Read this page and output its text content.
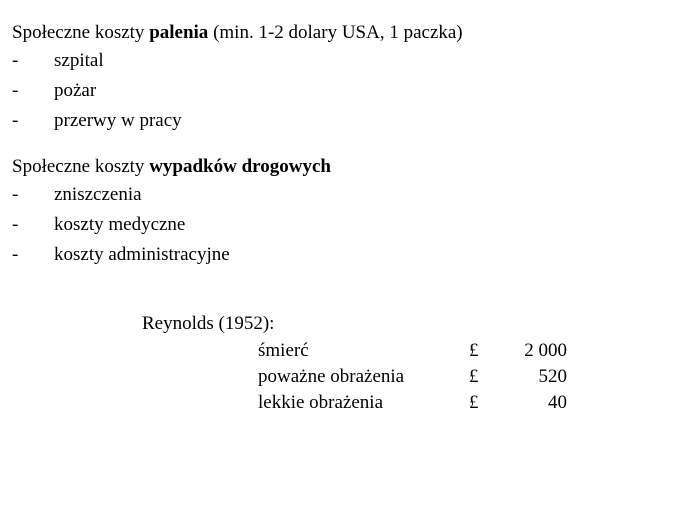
Społeczne koszty palenia (min. 1-2 dolary USA, 1 paczka)
- szpital
- pożar
- przerwy w pracy
Społeczne koszty wypadków drogowych
- zniszczenia
- koszty medyczne
- koszty administracyjne
Reynolds (1952):
śmierć	£	2 000
poważne obrażenia	£	520
lekkie obrażenia	£	40
